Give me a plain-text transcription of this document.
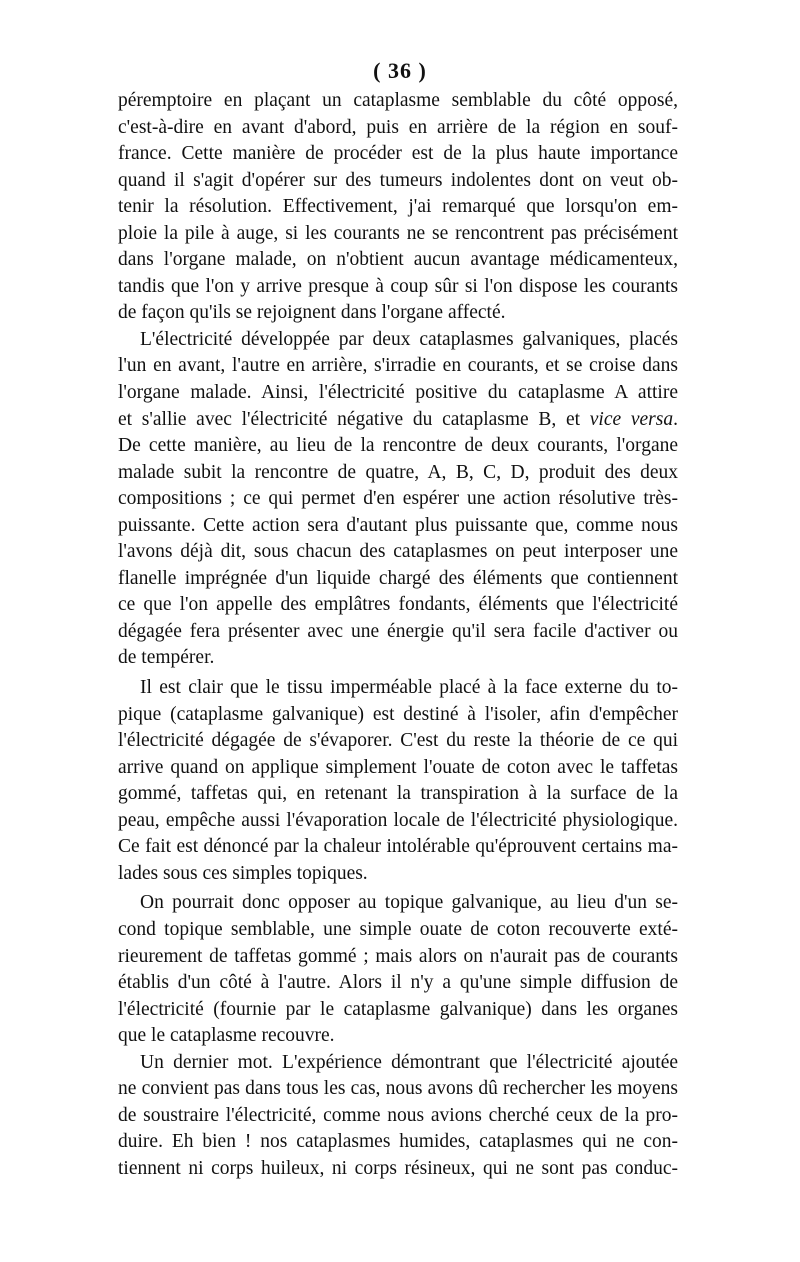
( 36 )
péremptoire en plaçant un cataplasme semblable du côté opposé,
c'est-à-dire en avant d'abord, puis en arrière de la région en souf-
france. Cette manière de procéder est de la plus haute importance
quand il s'agit d'opérer sur des tumeurs indolentes dont on veut ob-
tenir la résolution. Effectivement, j'ai remarqué que lorsqu'on em-
ploie la pile à auge, si les courants ne se rencontrent pas précisément
dans l'organe malade, on n'obtient aucun avantage médicamenteux,
tandis que l'on y arrive presque à coup sûr si l'on dispose les courants
de façon qu'ils se rejoignent dans l'organe affecté.
L'électricité développée par deux cataplasmes galvaniques, placés
l'un en avant, l'autre en arrière, s'irradie en courants, et se croise dans
l'organe malade. Ainsi, l'électricité positive du cataplasme A attire
et s'allie avec l'électricité négative du cataplasme B, et vice versa.
De cette manière, au lieu de la rencontre de deux courants, l'organe
malade subit la rencontre de quatre, A, B, C, D, produit des deux
compositions ; ce qui permet d'en espérer une action résolutive très-
puissante. Cette action sera d'autant plus puissante que, comme nous
l'avons déjà dit, sous chacun des cataplasmes on peut interposer une
flanelle imprégnée d'un liquide chargé des éléments que contiennent
ce que l'on appelle des emplâtres fondants, éléments que l'électricité
dégagée fera présenter avec une énergie qu'il sera facile d'activer ou
de tempérer.
Il est clair que le tissu imperméable placé à la face externe du to-
pique (cataplasme galvanique) est destiné à l'isoler, afin d'empêcher
l'électricité dégagée de s'évaporer. C'est du reste la théorie de ce qui
arrive quand on applique simplement l'ouate de coton avec le taffetas
gommé, taffetas qui, en retenant la transpiration à la surface de la
peau, empêche aussi l'évaporation locale de l'électricité physiologique.
Ce fait est dénoncé par la chaleur intolérable qu'éprouvent certains ma-
lades sous ces simples topiques.
On pourrait donc opposer au topique galvanique, au lieu d'un se-
cond topique semblable, une simple ouate de coton recouverte exté-
rieurement de taffetas gommé ; mais alors on n'aurait pas de courants
établis d'un côté à l'autre. Alors il n'y a qu'une simple diffusion de
l'électricité (fournie par le cataplasme galvanique) dans les organes
que le cataplasme recouvre.
Un dernier mot. L'expérience démontrant que l'électricité ajoutée
ne convient pas dans tous les cas, nous avons dû rechercher les moyens
de soustraire l'électricité, comme nous avions cherché ceux de la pro-
duire. Eh bien ! nos cataplasmes humides, cataplasmes qui ne con-
tiennent ni corps huileux, ni corps résineux, qui ne sont pas conduc-
